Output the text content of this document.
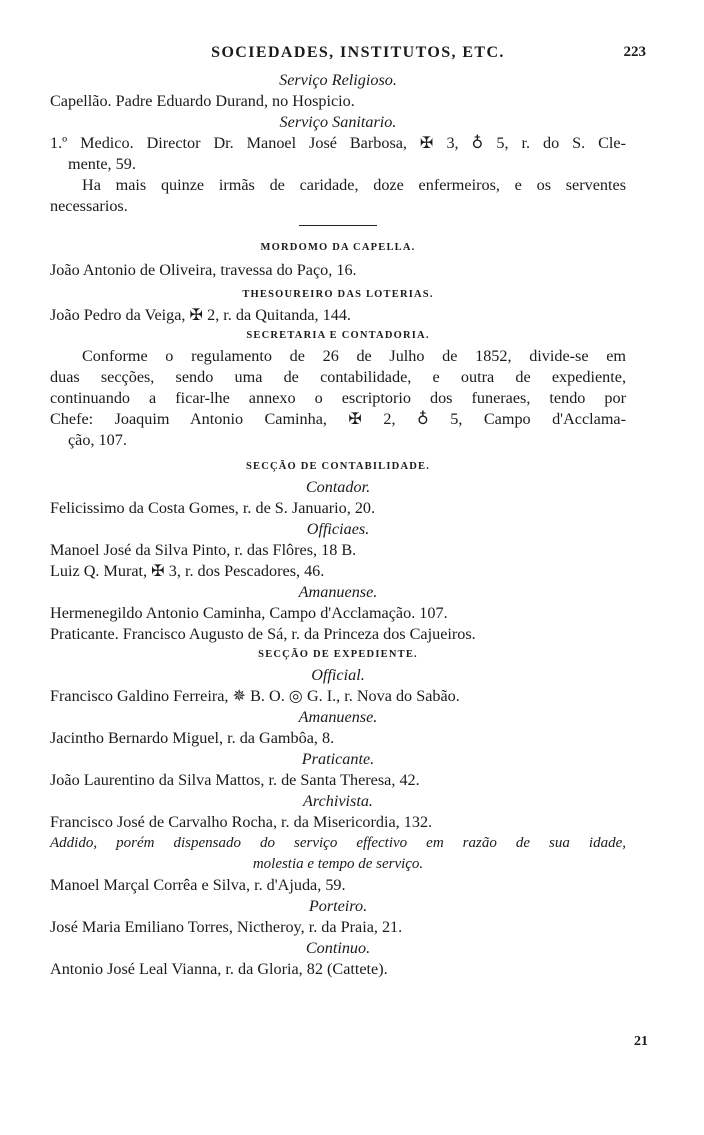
SOCIEDADES, INSTITUTOS, ETC.	223
Serviço Religioso.
Capellão. Padre Eduardo Durand, no Hospicio.
Serviço Sanitario.
1.º Medico. Director Dr. Manoel José Barbosa, ✠ 3, ♁ 5, r. do S. Cle-
mente, 59.
Ha mais quinze irmãs de caridade, doze enfermeiros, e os serventes
necessarios.
MORDOMO DA CAPELLA.
João Antonio de Oliveira, travessa do Paço, 16.
THESOUREIRO DAS LOTERIAS.
João Pedro da Veiga, ✠ 2, r. da Quitanda, 144.
SECRETARIA E CONTADORIA.
Conforme o regulamento de 26 de Julho de 1852, divide-se em
duas secções, sendo uma de contabilidade, e outra de expediente,
continuando a ficar-lhe annexo o escriptorio dos funeraes, tendo por
Chefe: Joaquim Antonio Caminha, ✠ 2, ♁ 5, Campo d'Acclama-
ção, 107.
SECÇÃO DE CONTABILIDADE.
Contador.
Felicissimo da Costa Gomes, r. de S. Januario, 20.
Officiaes.
Manoel José da Silva Pinto, r. das Flôres, 18 B.
Luiz Q. Murat, ✠ 3, r. dos Pescadores, 46.
Amanuense.
Hermenegildo Antonio Caminha, Campo d'Acclamação. 107.
Praticante. Francisco Augusto de Sá, r. da Princeza dos Cajueiros.
SECÇÃO DE EXPEDIENTE.
Official.
Francisco Galdino Ferreira, ✵ B. O. ◎ G. I., r. Nova do Sabão.
Amanuense.
Jacintho Bernardo Miguel, r. da Gambôa, 8.
Praticante.
João Laurentino da Silva Mattos, r. de Santa Theresa, 42.
Archivista.
Francisco José de Carvalho Rocha, r. da Misericordia, 132.
Addido, porém dispensado do serviço effectivo em razão de sua idade,
molestia e tempo de serviço.
Manoel Marçal Corrêa e Silva, r. d'Ajuda, 59.
Porteiro.
José Maria Emiliano Torres, Nictheroy, r. da Praia, 21.
Continuo.
Antonio José Leal Vianna, r. da Gloria, 82 (Cattete).
21
